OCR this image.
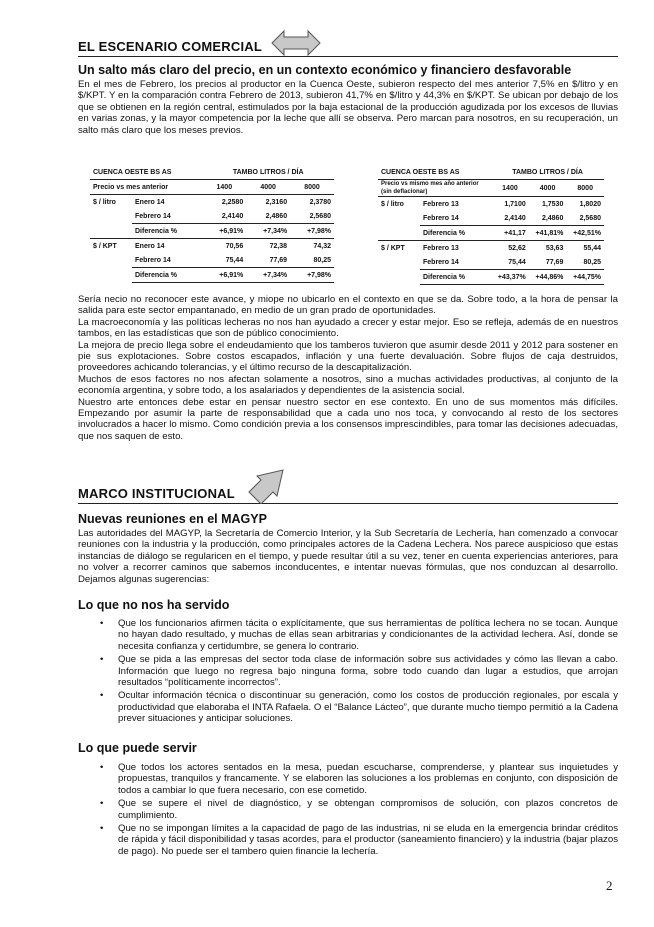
EL ESCENARIO COMERCIAL
Un salto más claro del precio, en un contexto económico y financiero desfavorable

En el mes de Febrero, los precios al productor en la Cuenca Oeste, subieron respecto del mes anterior 7,5% en $/litro y en $/KPT. Y en la comparación contra Febrero de 2013, subieron 41,7% en $/litro y 44,3% en $/KPT. Se ubican por debajo de los que se obtienen en la región central, estimulados por la baja estacional de la producción agudizada por los excesos de lluvias en varias zonas, y la mayor competencia por la leche que allí se observa. Pero marcan para nosotros, en su recuperación, un salto más claro que los meses previos.

CUENCA OESTE BS AS		TAMBO LITROS / DÍA		
Precio vs mes anterior		1400	4000	8000
$ / litro	Enero 14	2,2580	2,3160	2,3780
	Febrero 14	2,4140	2,4860	2,5680
	Diferencia %	+6,91%	+7,34%	+7,98%
$ / KPT	Enero 14	70,56	72,38	74,32
	Febrero 14	75,44	77,69	80,25
	Diferencia %	+6,91%	+7,34%	+7,98%
CUENCA OESTE BS AS		TAMBO LITROS / DÍA		
Precio vs mismo mes año anterior (sin deflacionar)		1400	4000	8000
$ / litro	Febrero 13	1,7100	1,7530	1,8020
	Febrero 14	2,4140	2,4860	2,5680
	Diferencia %	+41,17	+41,81%	+42,51%
$ / KPT	Febrero 13	52,62	53,63	55,44
	Febrero 14	75,44	77,69	80,25
	Diferencia %	+43,37%	+44,86%	+44,75%

Sería necio no reconocer este avance, y miope no ubicarlo en el contexto en que se da. Sobre todo, a la hora de pensar la salida para este sector empantanado, en medio de un gran prado de oportunidades.

La macroeconomía y las políticas lecheras no nos han ayudado a crecer y estar mejor. Eso se refleja, además de en nuestros tambos, en las estadísticas que son de público conocimiento.

La mejora de precio llega sobre el endeudamiento que los tamberos tuvieron que asumir desde 2011 y 2012 para sostener en pie sus explotaciones. Sobre costos escapados, inflación y una fuerte devaluación. Sobre flujos de caja destruidos, proveedores achicando tolerancias, y el último recurso de la descapitalización.

Muchos de esos factores no nos afectan solamente a nosotros, sino a muchas actividades productivas, al conjunto de la economía argentina, y sobre todo, a los asalariados y dependientes de la asistencia social.

Nuestro arte entonces debe estar en pensar nuestro sector en ese contexto. En uno de sus momentos más difíciles. Empezando por asumir la parte de responsabilidad que a cada uno nos toca, y convocando al resto de los sectores involucrados a hacer lo mismo. Como condición previa a los consensos imprescindibles, para tomar las decisiones adecuadas, que nos saquen de esto.

MARCO INSTITUCIONAL
Nuevas reuniones en el MAGYP

Las autoridades del MAGYP, la Secretaría de Comercio Interior, y la Sub Secretaría de Lechería, han comenzado a convocar reuniones con la industria y la producción, como principales actores de la Cadena Lechera. Nos parece auspicioso que estas instancias de diálogo se regularicen en el tiempo, y puede resultar útil a su vez, tener en cuenta experiencias anteriores, para no volver a recorrer caminos que sabemos inconducentes, e intentar nuevas fórmulas, que nos conduzcan al desarrollo. Dejamos algunas sugerencias:

Lo que no nos ha servido
• Que los funcionarios afirmen tácita o explícitamente, que sus herramientas de política lechera no se tocan. Aunque no hayan dado resultado, y muchas de ellas sean arbitrarias y condicionantes de la actividad lechera. Así, donde se necesita confianza y certidumbre, se genera lo contrario.
• Que se pida a las empresas del sector toda clase de información sobre sus actividades y cómo las llevan a cabo. Información que luego no regresa bajo ninguna forma, sobre todo cuando dan lugar a estudios, que arrojan resultados “políticamente incorrectos”.
• Ocultar información técnica o discontinuar su generación, como los costos de producción regionales, por escala y productividad que elaboraba el INTA Rafaela. O el “Balance Lácteo”, que durante mucho tiempo permitió a la Cadena prever situaciones y anticipar soluciones.
Lo que puede servir
• Que todos los actores sentados en la mesa, puedan escucharse, comprenderse, y plantear sus inquietudes y propuestas, tranquilos y francamente. Y se elaboren las soluciones a los problemas en conjunto, con disposición de todos a cambiar lo que fuera necesario, con ese cometido.
• Que se supere el nivel de diagnóstico, y se obtengan compromisos de solución, con plazos concretos de cumplimiento.
• Que no se impongan límites a la capacidad de pago de las industrias, ni se eluda en la emergencia brindar créditos de rápida y fácil disponibilidad y tasas acordes, para el productor (saneamiento financiero) y la industria (bajar plazos de pago). No puede ser el tambero quien financie la lechería.
2
